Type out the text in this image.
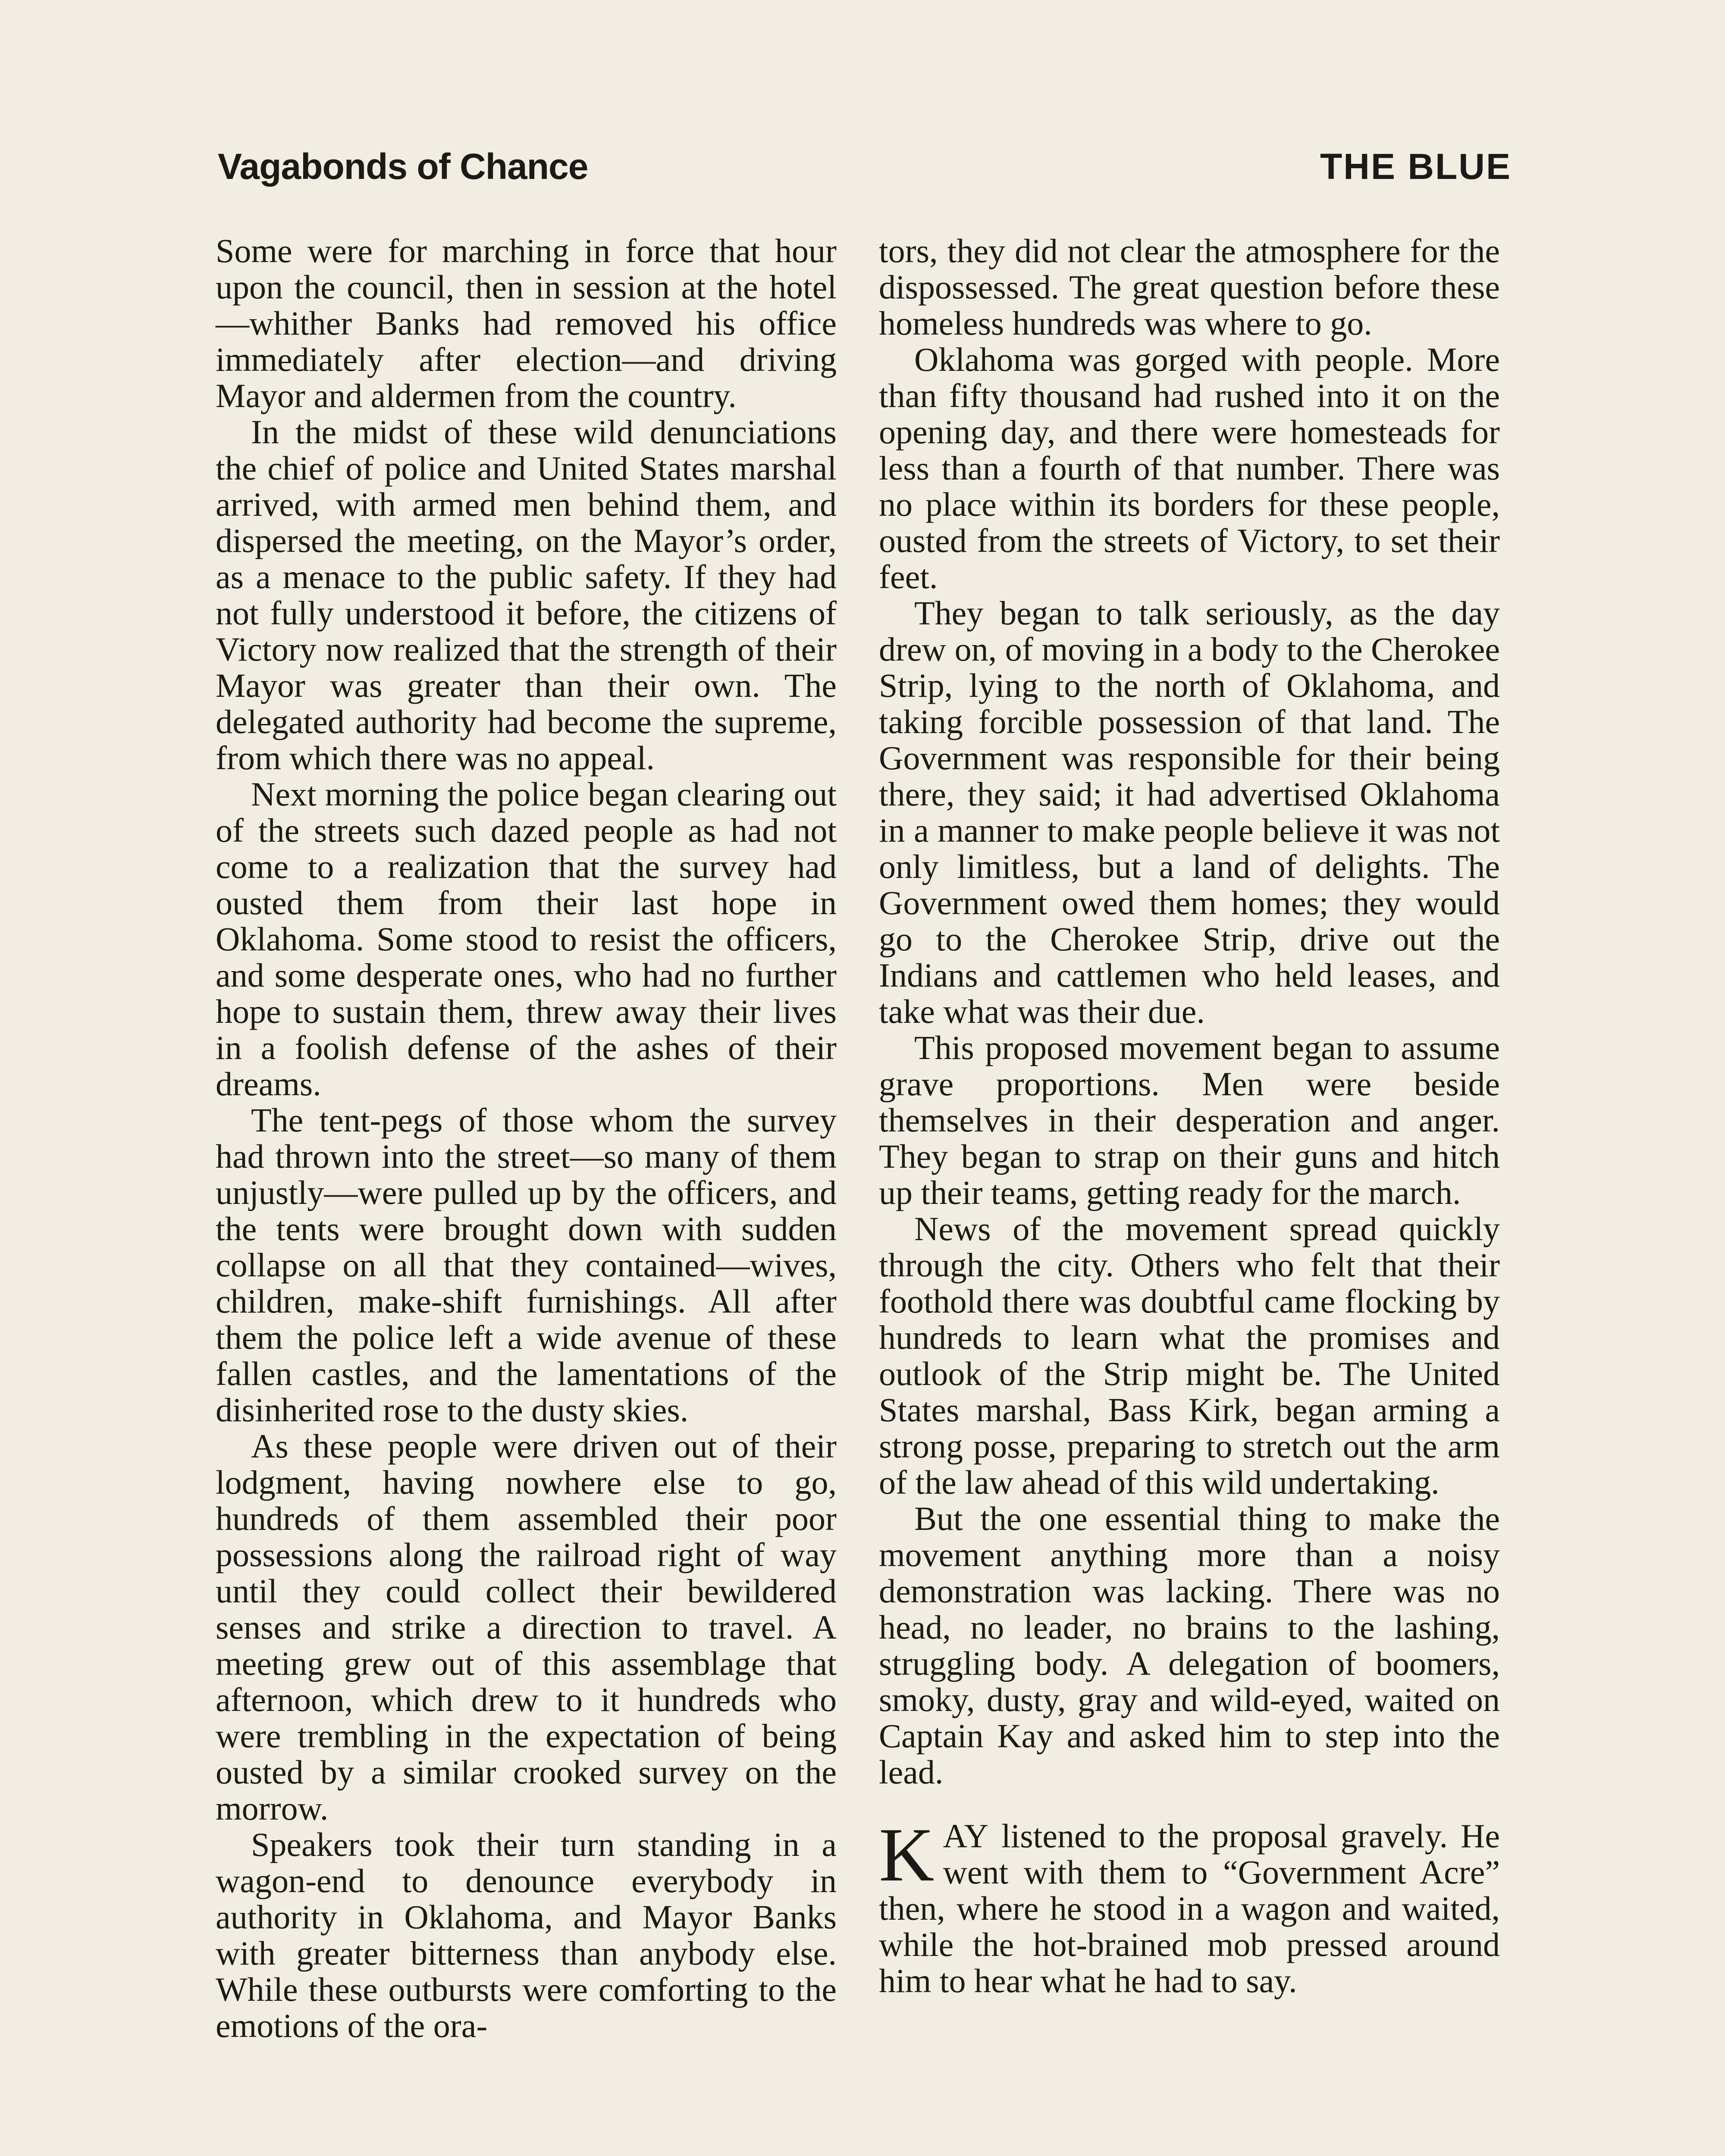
Vagabonds of Chance	THE BLUE

Some were for marching in force that hour upon the council, then in session at the hotel—whither Banks had removed his office immediately after election—and driving Mayor and aldermen from the country.

In the midst of these wild denunciations the chief of police and United States marshal arrived, with armed men behind them, and dispersed the meeting, on the Mayor’s order, as a menace to the public safety. If they had not fully understood it before, the citizens of Victory now realized that the strength of their Mayor was greater than their own. The delegated authority had become the supreme, from which there was no appeal.

Next morning the police began clearing out of the streets such dazed people as had not come to a realization that the survey had ousted them from their last hope in Oklahoma. Some stood to resist the officers, and some desperate ones, who had no further hope to sustain them, threw away their lives in a foolish defense of the ashes of their dreams.

The tent-pegs of those whom the survey had thrown into the street—so many of them unjustly—were pulled up by the officers, and the tents were brought down with sudden collapse on all that they contained—wives, children, make-shift furnishings. All after them the police left a wide avenue of these fallen castles, and the lamentations of the disinherited rose to the dusty skies.

As these people were driven out of their lodgment, having nowhere else to go, hundreds of them assembled their poor possessions along the railroad right of way until they could collect their bewildered senses and strike a direction to travel. A meeting grew out of this assemblage that afternoon, which drew to it hundreds who were trembling in the expectation of being ousted by a similar crooked survey on the morrow.

Speakers took their turn standing in a wagon-end to denounce everybody in authority in Oklahoma, and Mayor Banks with greater bitterness than anybody else. While these outbursts were comforting to the emotions of the ora-

tors, they did not clear the atmosphere for the dispossessed. The great question before these homeless hundreds was where to go.

Oklahoma was gorged with people. More than fifty thousand had rushed into it on the opening day, and there were homesteads for less than a fourth of that number. There was no place within its borders for these people, ousted from the streets of Victory, to set their feet.

They began to talk seriously, as the day drew on, of moving in a body to the Cherokee Strip, lying to the north of Oklahoma, and taking forcible possession of that land. The Government was responsible for their being there, they said; it had advertised Oklahoma in a manner to make people believe it was not only limitless, but a land of delights. The Government owed them homes; they would go to the Cherokee Strip, drive out the Indians and cattlemen who held leases, and take what was their due.

This proposed movement began to assume grave proportions. Men were beside themselves in their desperation and anger. They began to strap on their guns and hitch up their teams, getting ready for the march.

News of the movement spread quickly through the city. Others who felt that their foothold there was doubtful came flocking by hundreds to learn what the promises and outlook of the Strip might be. The United States marshal, Bass Kirk, began arming a strong posse, preparing to stretch out the arm of the law ahead of this wild undertaking.

But the one essential thing to make the movement anything more than a noisy demonstration was lacking. There was no head, no leader, no brains to the lashing, struggling body. A delegation of boomers, smoky, dusty, gray and wild-eyed, waited on Captain Kay and asked him to step into the lead.

KAY listened to the proposal gravely. He went with them to “Government Acre” then, where he stood in a wagon and waited, while the hot-brained mob pressed around him to hear what he had to say.
